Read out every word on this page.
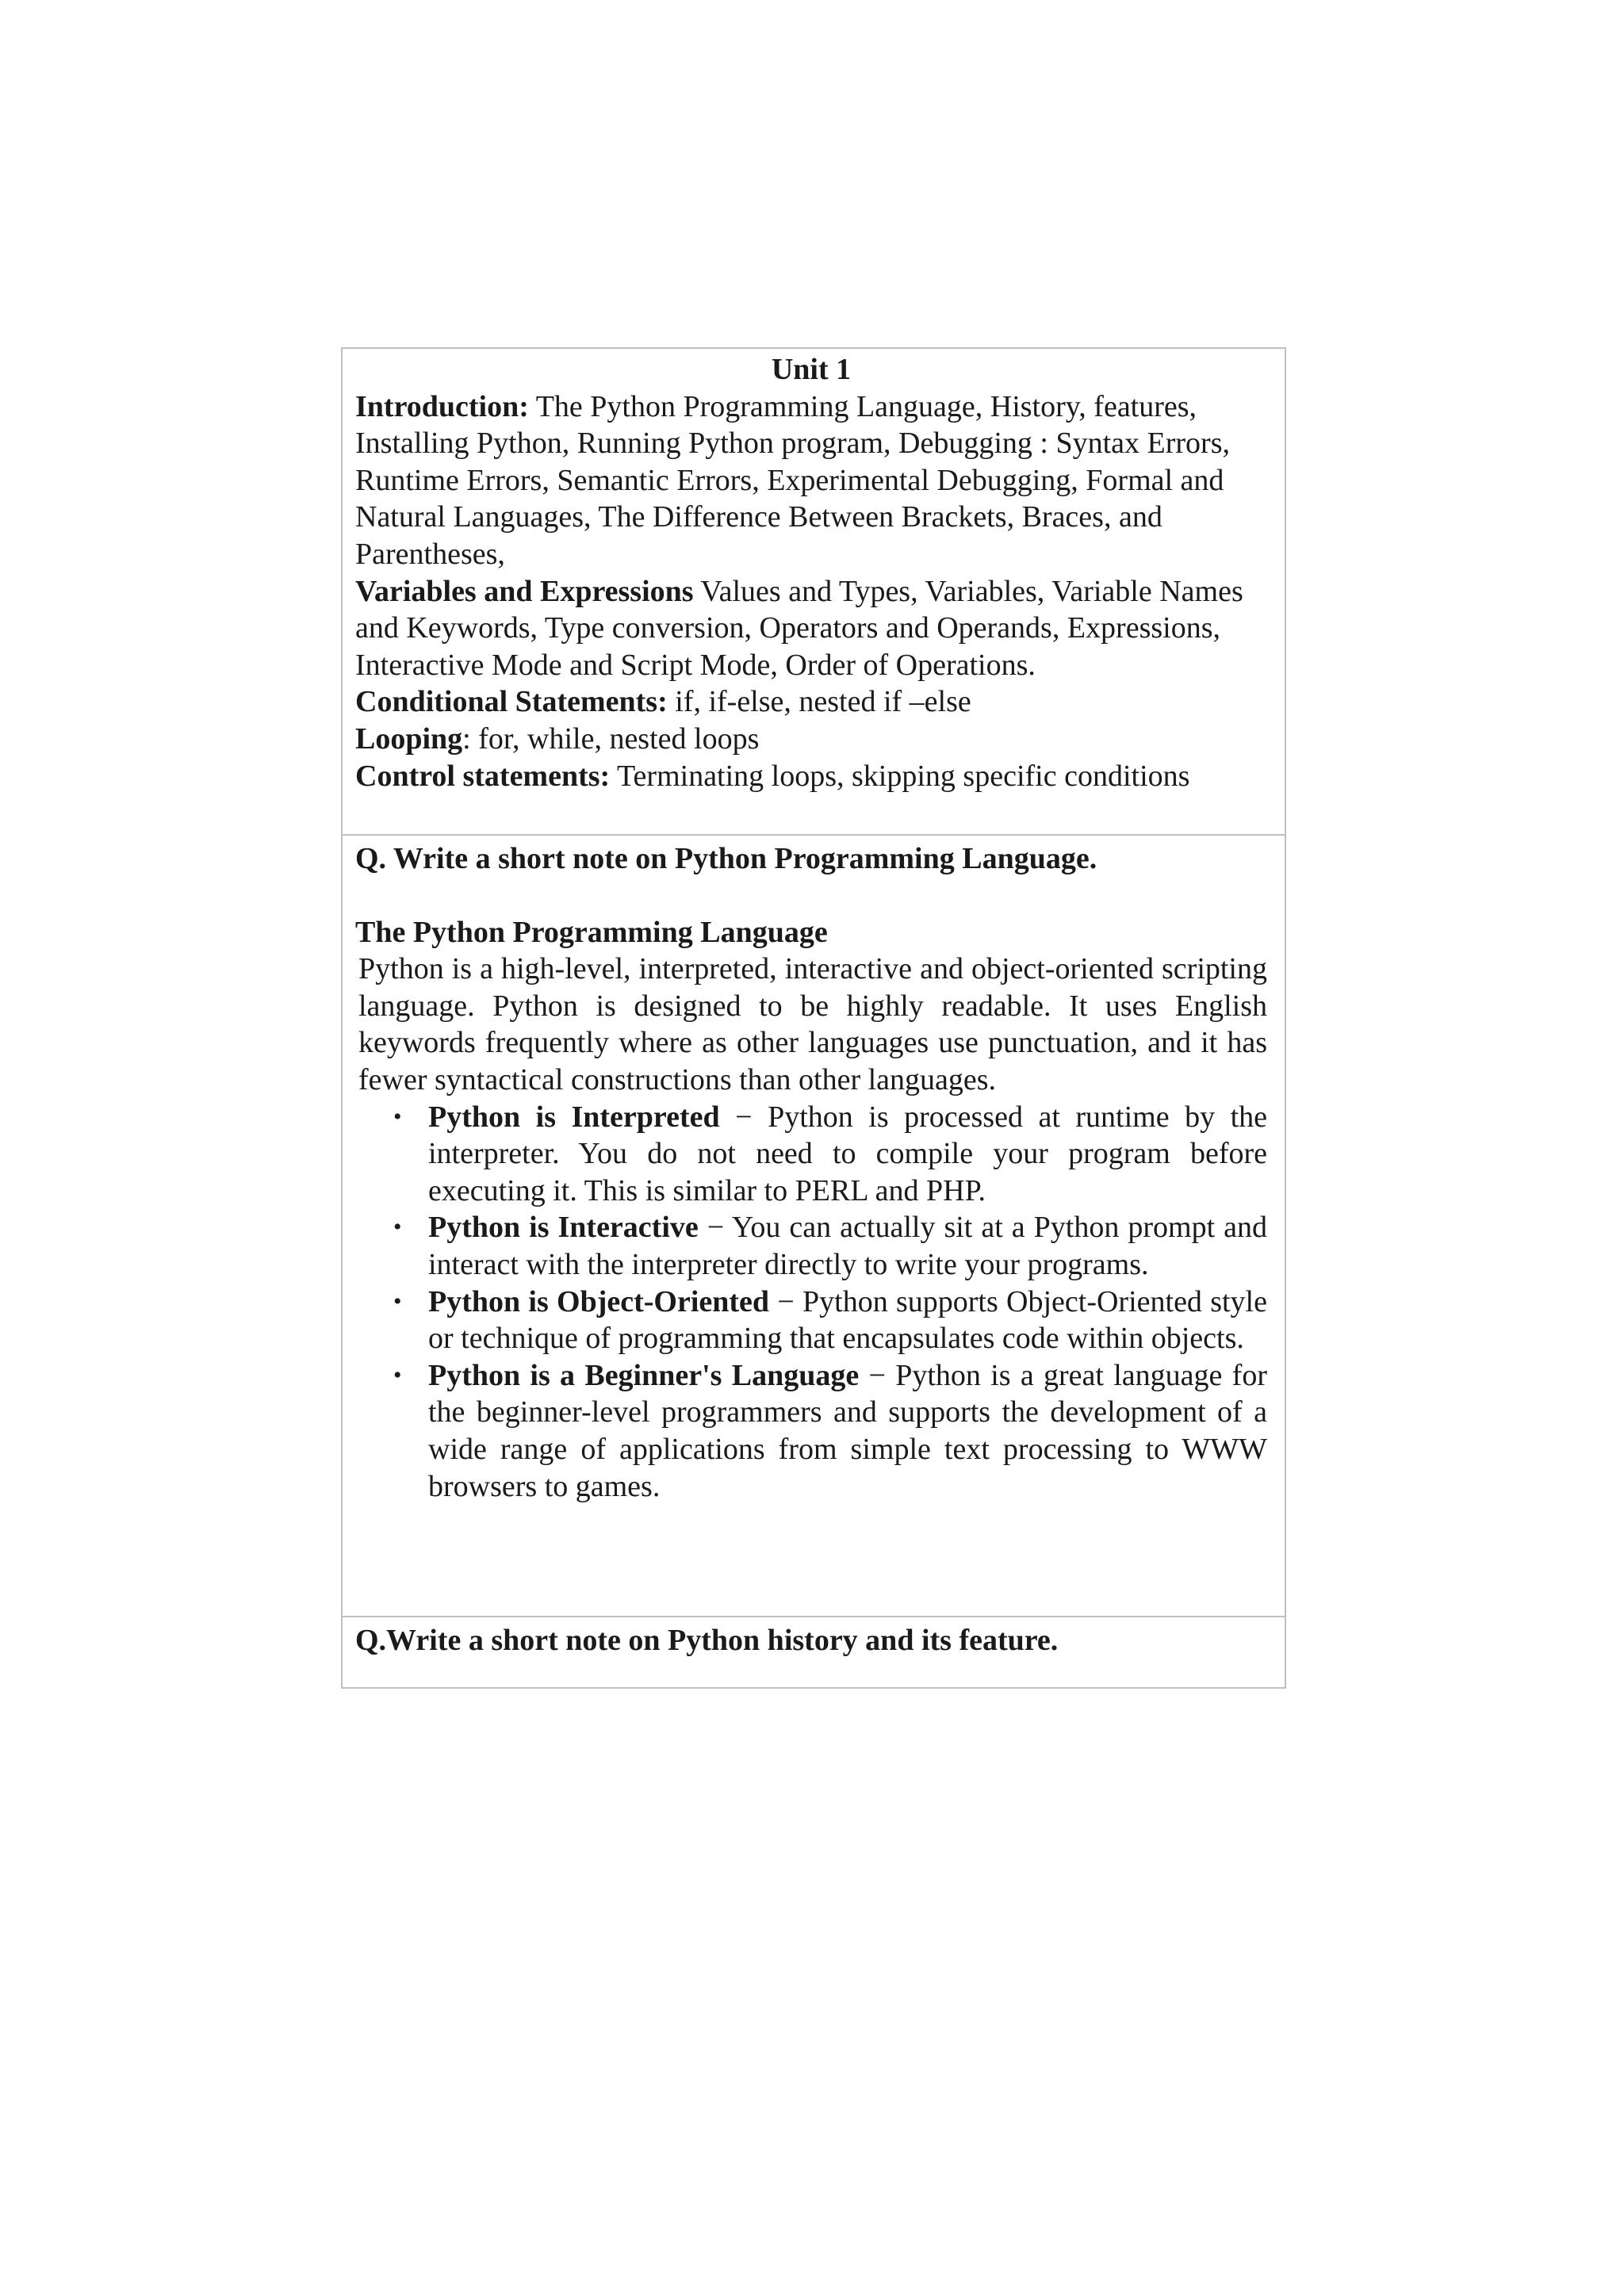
Unit 1

Introduction: The Python Programming Language, History, features, Installing Python, Running Python program, Debugging : Syntax Errors, Runtime Errors, Semantic Errors, Experimental Debugging, Formal and Natural Languages, The Difference Between Brackets, Braces, and Parentheses,

Variables and Expressions Values and Types, Variables, Variable Names and Keywords, Type conversion, Operators and Operands, Expressions, Interactive Mode and Script Mode, Order of Operations.

Conditional Statements: if, if-else, nested if –else

Looping: for, while, nested loops

Control statements: Terminating loops, skipping specific conditions

Q. Write a short note on Python Programming Language.

The Python Programming Language

Python is a high-level, interpreted, interactive and object-oriented scripting language. Python is designed to be highly readable. It uses English keywords frequently where as other languages use punctuation, and it has fewer syntactical constructions than other languages.

• Python is Interpreted − Python is processed at runtime by the interpreter. You do not need to compile your program before executing it. This is similar to PERL and PHP.
• Python is Interactive − You can actually sit at a Python prompt and interact with the interpreter directly to write your programs.
• Python is Object-Oriented − Python supports Object-Oriented style or technique of programming that encapsulates code within objects.
• Python is a Beginner's Language − Python is a great language for the beginner-level programmers and supports the development of a wide range of applications from simple text processing to WWW browsers to games.

Q.Write a short note on Python history and its feature.
